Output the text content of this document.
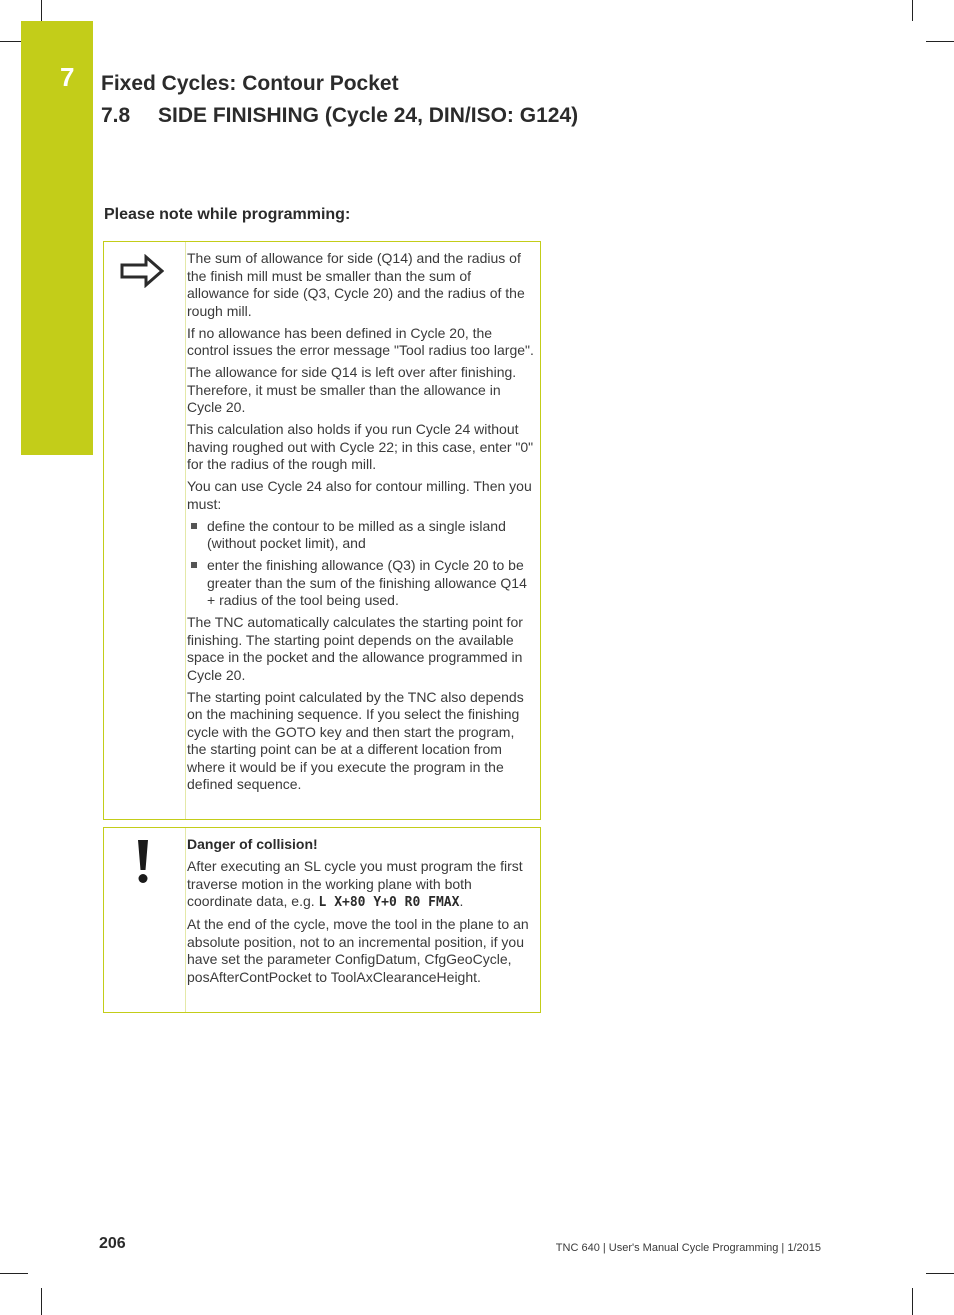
7 Fixed Cycles: Contour Pocket
7.8 SIDE FINISHING (Cycle 24, DIN/ISO: G124)
Please note while programming:

The sum of allowance for side (Q14) and the radius of the finish mill must be smaller than the sum of allowance for side (Q3, Cycle 20) and the radius of the rough mill.

If no allowance has been defined in Cycle 20, the control issues the error message "Tool radius too large".

The allowance for side Q14 is left over after finishing. Therefore, it must be smaller than the allowance in Cycle 20.

This calculation also holds if you run Cycle 24 without having roughed out with Cycle 22; in this case, enter "0" for the radius of the rough mill.

You can use Cycle 24 also for contour milling. Then you must:

define the contour to be milled as a single island (without pocket limit), and
enter the finishing allowance (Q3) in Cycle 20 to be greater than the sum of the finishing allowance Q14 + radius of the tool being used.

The TNC automatically calculates the starting point for finishing. The starting point depends on the available space in the pocket and the allowance programmed in Cycle 20.

The starting point calculated by the TNC also depends on the machining sequence. If you select the finishing cycle with the GOTO key and then start the program, the starting point can be at a different location from where it would be if you execute the program in the defined sequence.

Danger of collision!

After executing an SL cycle you must program the first traverse motion in the working plane with both coordinate data, e.g. L X+80 Y+0 R0 FMAX.

At the end of the cycle, move the tool in the plane to an absolute position, not to an incremental position, if you have set the parameter ConfigDatum, CfgGeoCycle, posAfterContPocket to ToolAxClearanceHeight.

206	TNC 640 | User's Manual Cycle Programming | 1/2015
